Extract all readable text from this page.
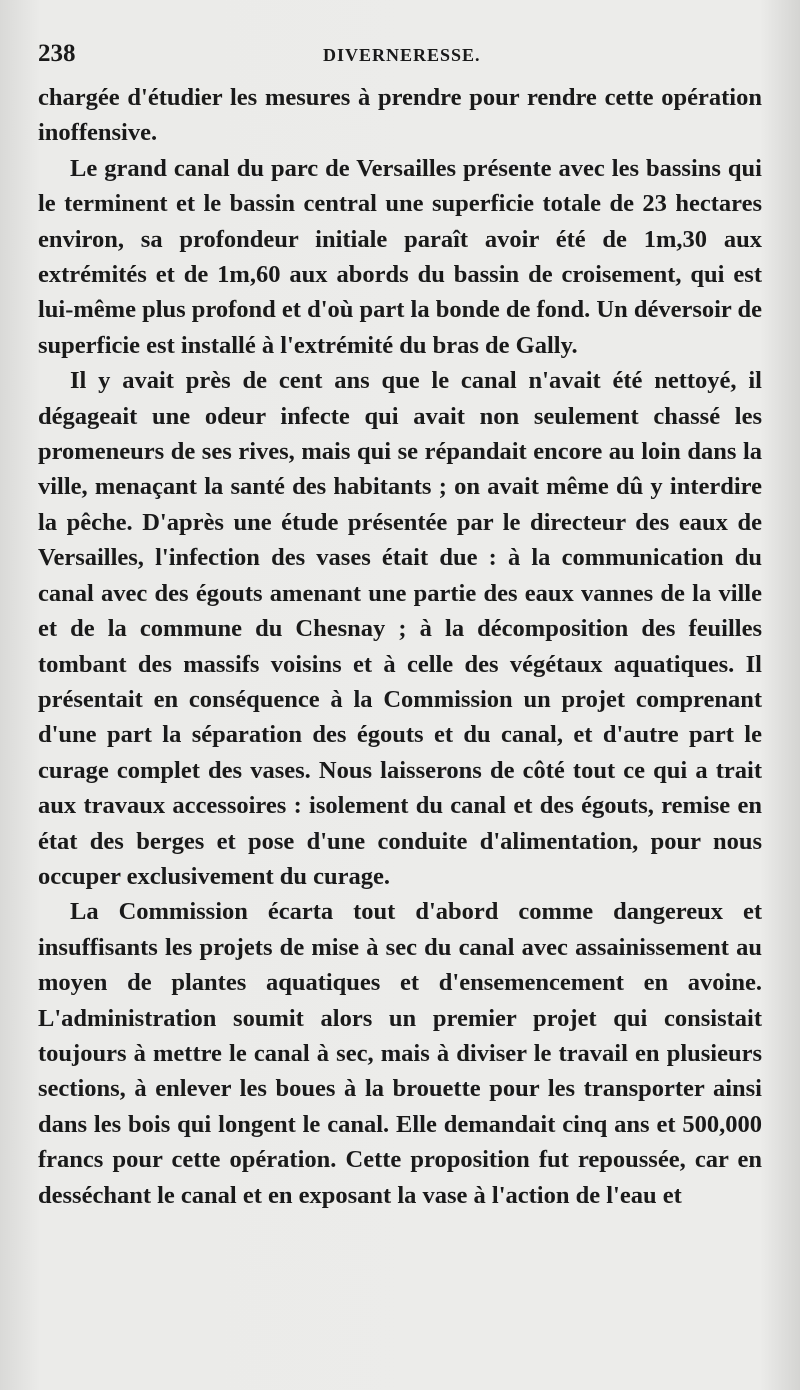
238	DIVERNERESSE.

chargée d'étudier les mesures à prendre pour rendre cette opération inoffensive.

Le grand canal du parc de Versailles présente avec les bassins qui le terminent et le bassin central une superficie totale de 23 hectares environ, sa profondeur initiale paraît avoir été de 1m,30 aux extrémités et de 1m,60 aux abords du bassin de croisement, qui est lui-même plus profond et d'où part la bonde de fond. Un déversoir de superficie est installé à l'extrémité du bras de Gally.

Il y avait près de cent ans que le canal n'avait été nettoyé, il dégageait une odeur infecte qui avait non seulement chassé les promeneurs de ses rives, mais qui se répandait encore au loin dans la ville, menaçant la santé des habitants ; on avait même dû y interdire la pêche. D'après une étude présentée par le directeur des eaux de Versailles, l'infection des vases était due : à la communication du canal avec des égouts amenant une partie des eaux vannes de la ville et de la commune du Chesnay ; à la décomposition des feuilles tombant des massifs voisins et à celle des végétaux aquatiques. Il présentait en conséquence à la Commission un projet comprenant d'une part la séparation des égouts et du canal, et d'autre part le curage complet des vases. Nous laisserons de côté tout ce qui a trait aux travaux accessoires : isolement du canal et des égouts, remise en état des berges et pose d'une conduite d'alimentation, pour nous occuper exclusivement du curage.

La Commission écarta tout d'abord comme dangereux et insuffisants les projets de mise à sec du canal avec assainissement au moyen de plantes aquatiques et d'ensemencement en avoine. L'administration soumit alors un premier projet qui consistait toujours à mettre le canal à sec, mais à diviser le travail en plusieurs sections, à enlever les boues à la brouette pour les transporter ainsi dans les bois qui longent le canal. Elle demandait cinq ans et 500,000 francs pour cette opération. Cette proposition fut repoussée, car en desséchant le canal et en exposant la vase à l'action de l'eau et
